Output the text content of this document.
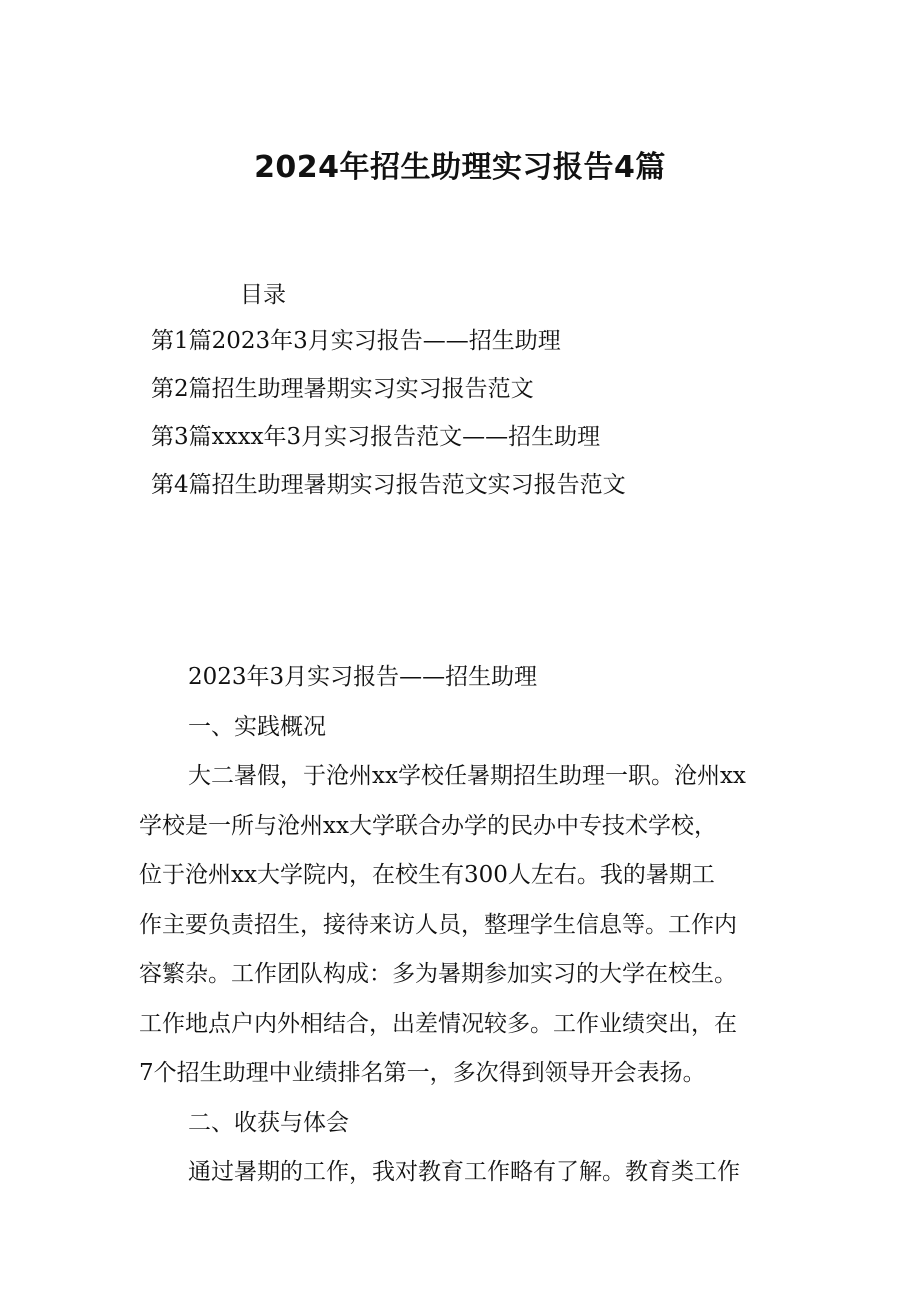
2024年招生助理实习报告4篇
目录
第1篇2023年3月实习报告——招生助理
第2篇招生助理暑期实习实习报告范文
第3篇xxxx年3月实习报告范文——招生助理
第4篇招生助理暑期实习报告范文实习报告范文
2023年3月实习报告——招生助理
一、实践概况
大二暑假，于沧州xx学校任暑期招生助理一职。沧州xx
学校是一所与沧州xx大学联合办学的民办中专技术学校，
位于沧州xx大学院内，在校生有300人左右。我的暑期工
作主要负责招生，接待来访人员，整理学生信息等。工作内
容繁杂。工作团队构成：多为暑期参加实习的大学在校生。
工作地点户内外相结合，出差情况较多。工作业绩突出，在
7个招生助理中业绩排名第一，多次得到领导开会表扬。
二、收获与体会
通过暑期的工作，我对教育工作略有了解。教育类工作
